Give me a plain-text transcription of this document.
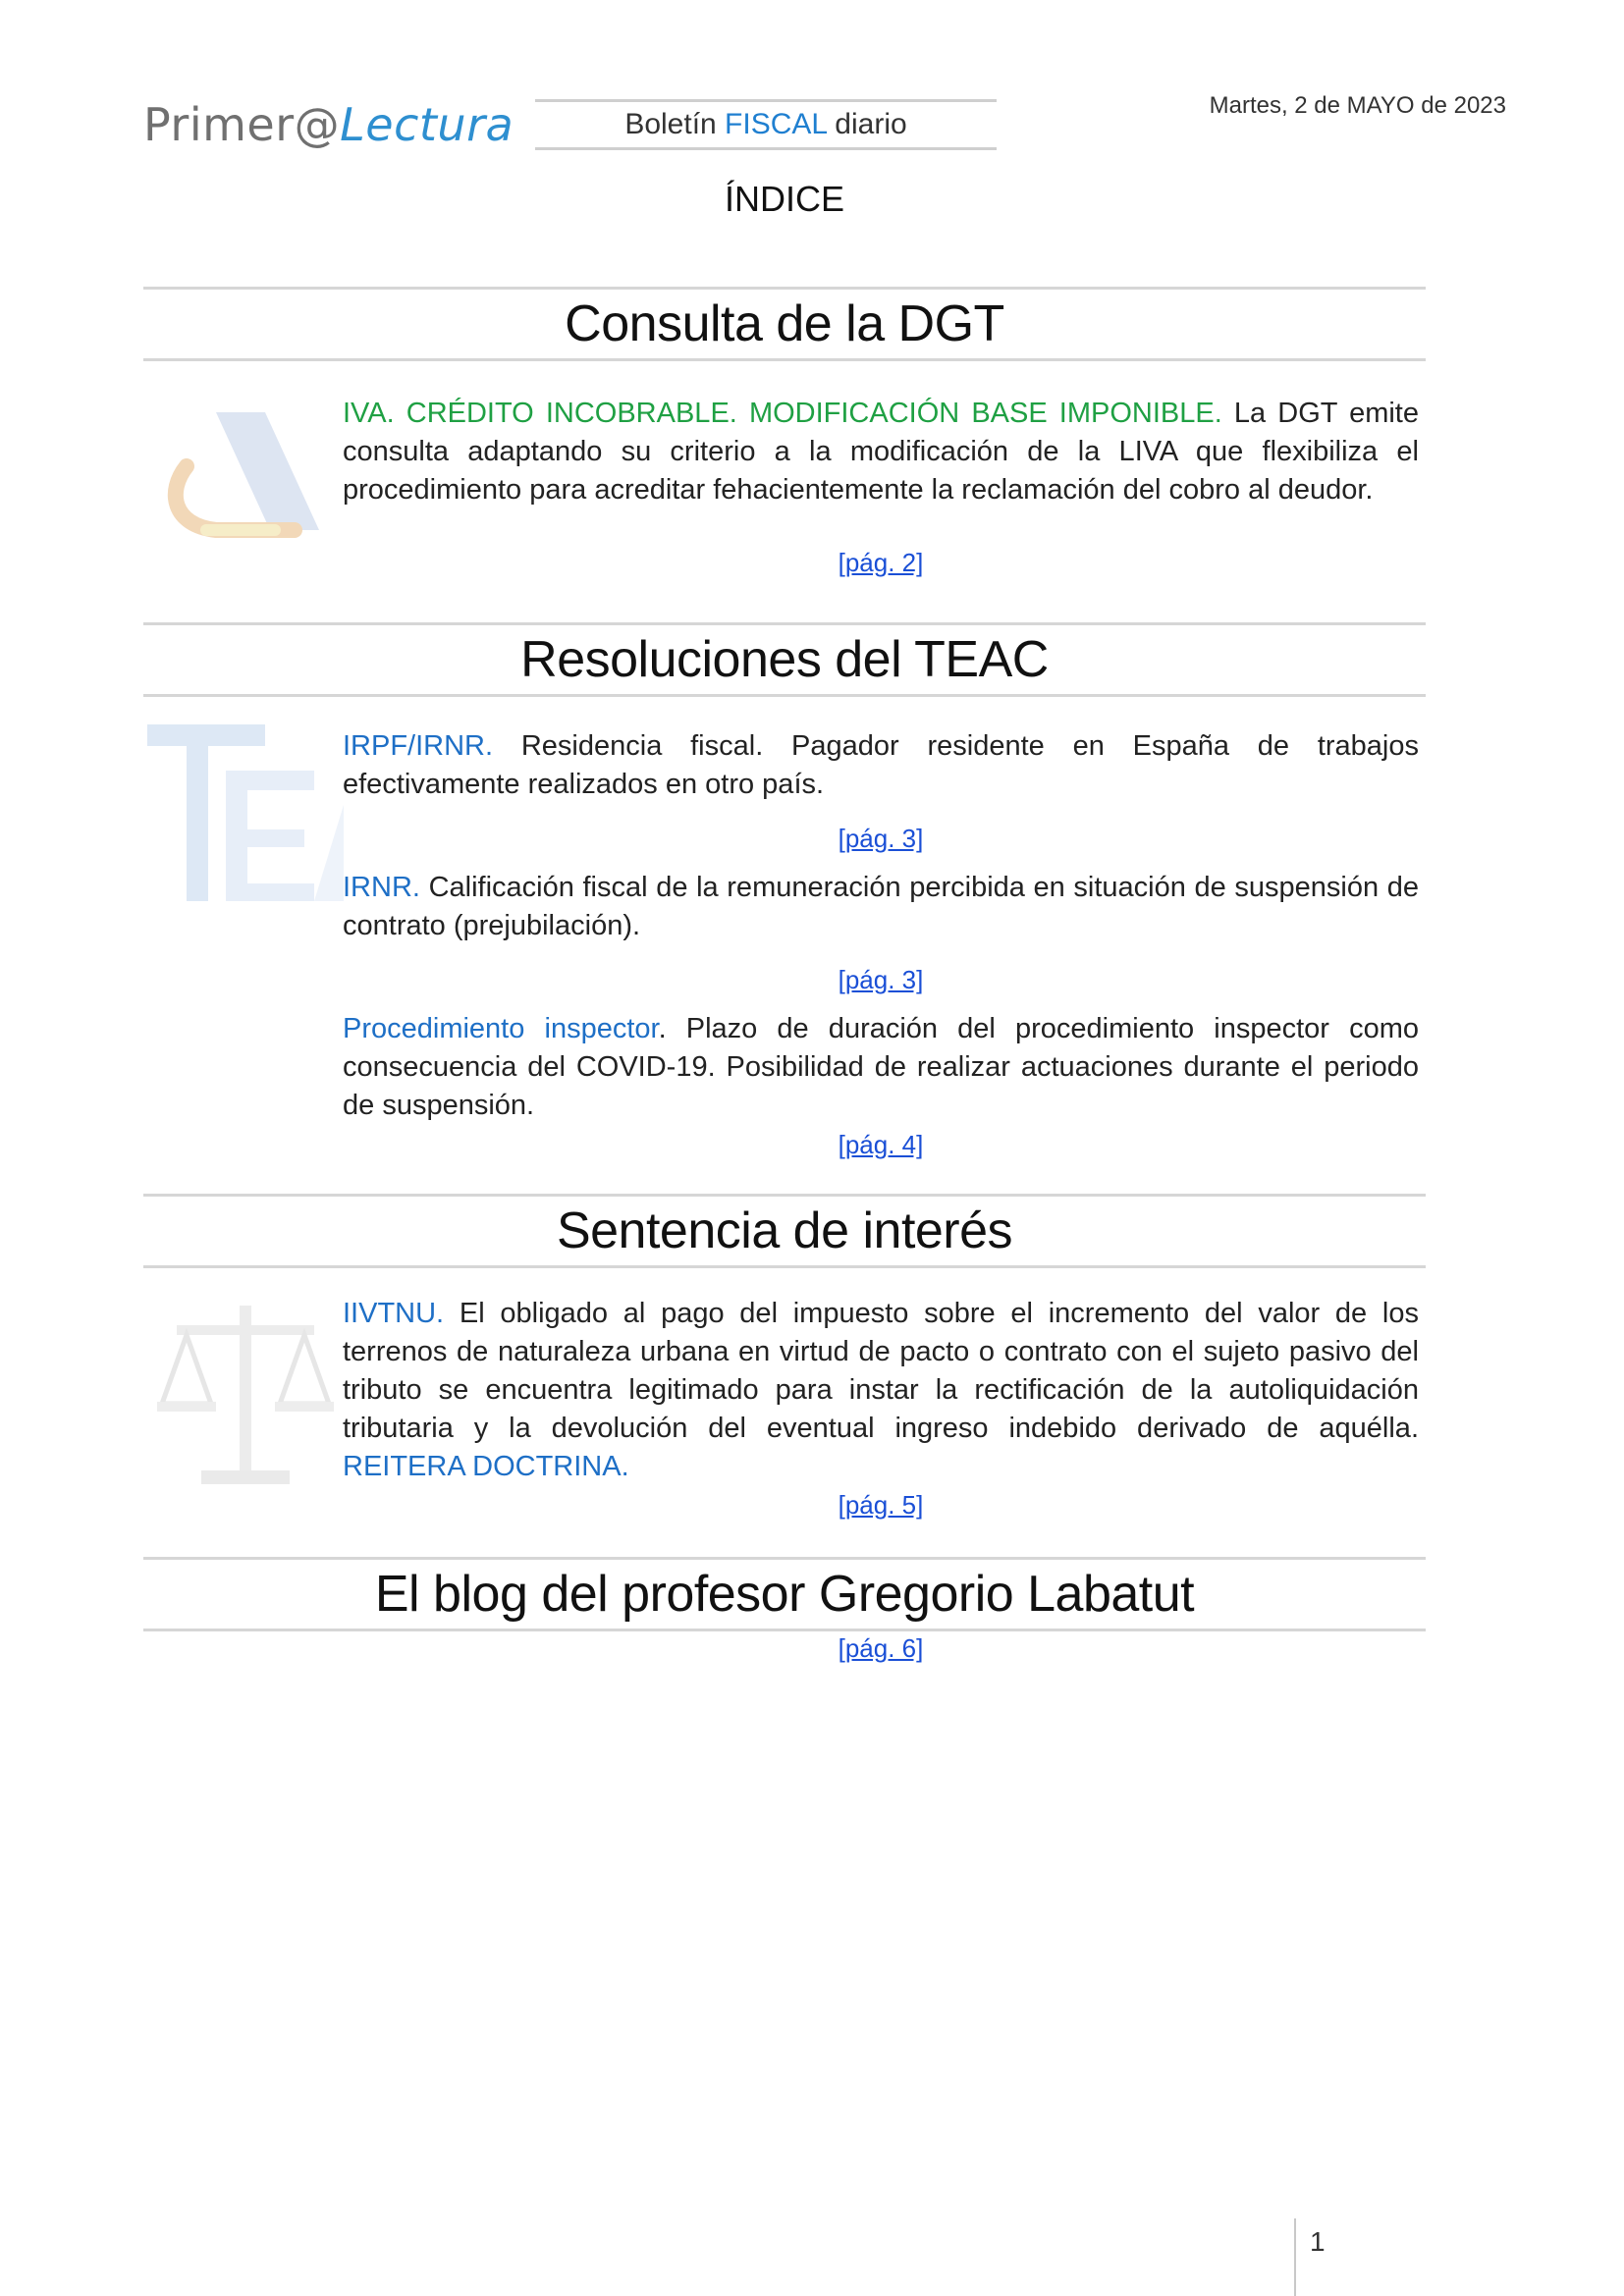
Primer@Lectura	Boletín FISCAL diario
Martes, 2 de MAYO de 2023
ÍNDICE
Consulta de la DGT
IVA. CRÉDITO INCOBRABLE. MODIFICACIÓN BASE IMPONIBLE. La DGT emite consulta adaptando su criterio a la modificación de la LIVA que flexibiliza el procedimiento para acreditar fehacientemente la reclamación del cobro al deudor.
[pág. 2]
Resoluciones del TEAC
IRPF/IRNR. Residencia fiscal. Pagador residente en España de trabajos efectivamente realizados en otro país.
[pág. 3]
IRNR. Calificación fiscal de la remuneración percibida en situación de suspensión de contrato (prejubilación).
[pág. 3]
Procedimiento inspector. Plazo de duración del procedimiento inspector como consecuencia del COVID-19. Posibilidad de realizar actuaciones durante el periodo de suspensión.
[pág. 4]
Sentencia de interés
IIVTNU. El obligado al pago del impuesto sobre el incremento del valor de los terrenos de naturaleza urbana en virtud de pacto o contrato con el sujeto pasivo del tributo se encuentra legitimado para instar la rectificación de la autoliquidación tributaria y la devolución del eventual ingreso indebido derivado de aquélla. REITERA DOCTRINA.
[pág. 5]
El blog del profesor Gregorio Labatut
[pág. 6]
1
